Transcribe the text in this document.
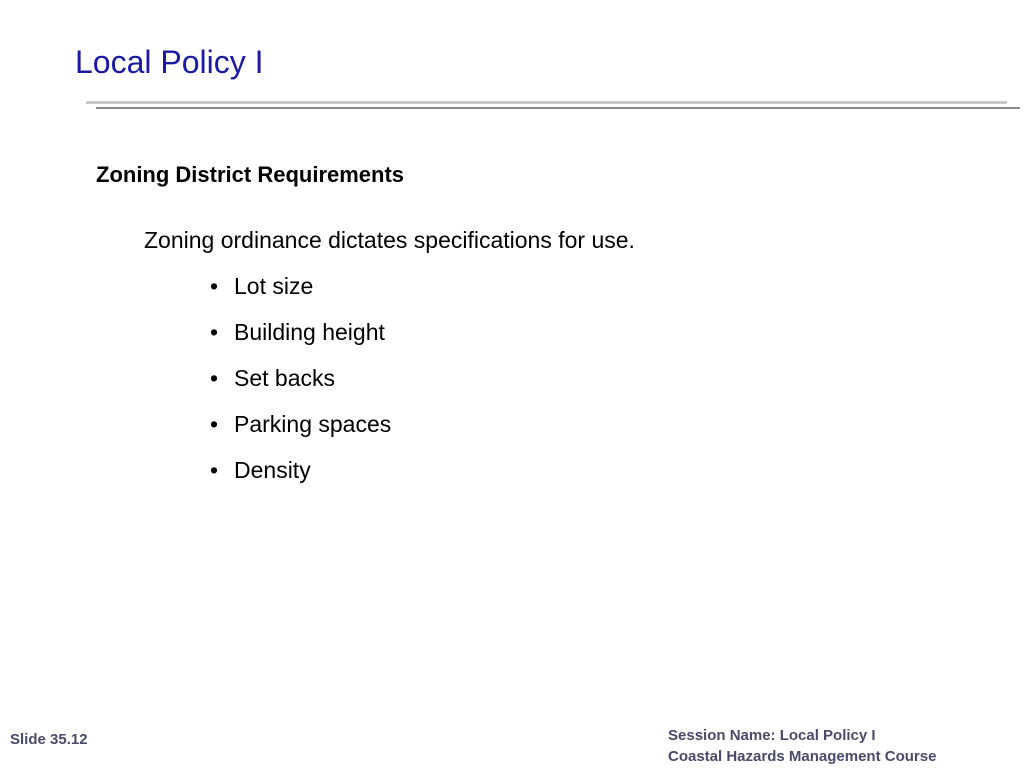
Local Policy I
Zoning District Requirements

Zoning ordinance dictates specifications for use.

• Lot size
• Building height
• Set backs
• Parking spaces
• Density

Slide 35.12	Session Name: Local Policy I
Coastal Hazards Management Course
